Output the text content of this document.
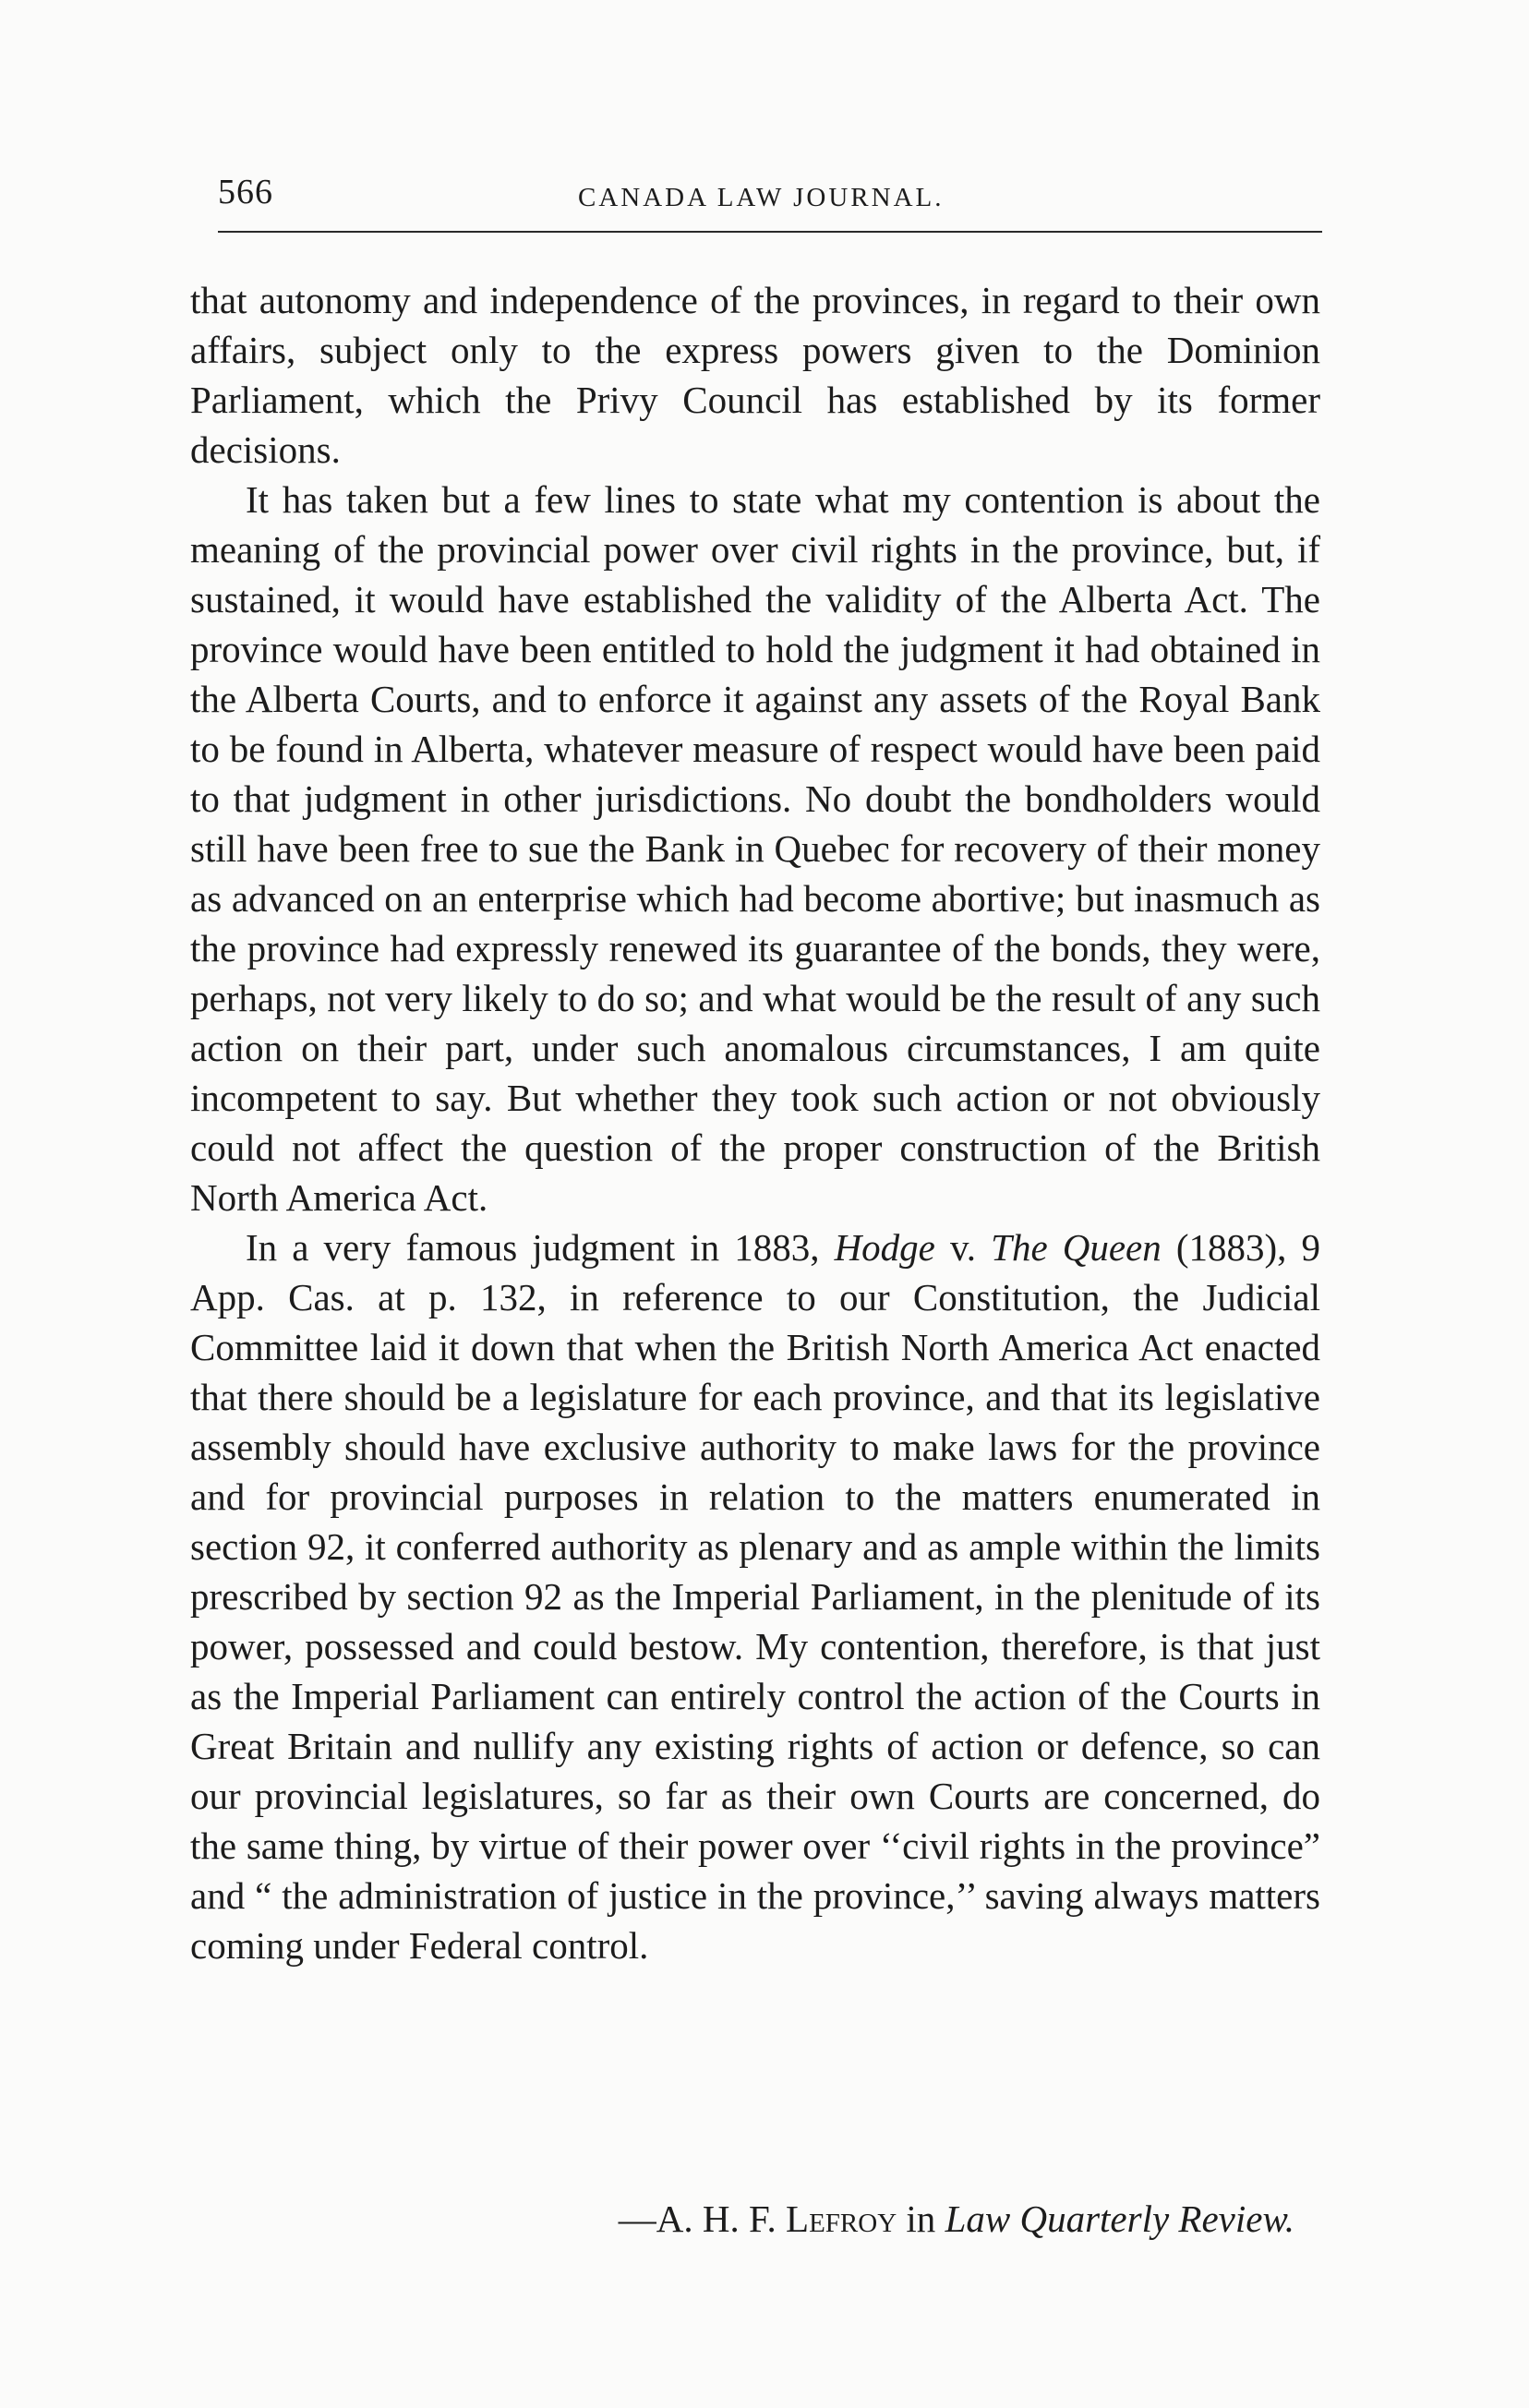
566	CANADA LAW JOURNAL.

that autonomy and independence of the provinces, in regard to their own affairs, subject only to the express powers given to the Dominion Parliament, which the Privy Council has established by its former decisions.

It has taken but a few lines to state what my contention is about the meaning of the provincial power over civil rights in the province, but, if sustained, it would have established the validity of the Alberta Act. The province would have been entitled to hold the judgment it had obtained in the Alberta Courts, and to enforce it against any assets of the Royal Bank to be found in Alberta, whatever measure of respect would have been paid to that judgment in other jurisdictions. No doubt the bondholders would still have been free to sue the Bank in Quebec for recovery of their money as advanced on an enterprise which had become abortive; but inasmuch as the province had expressly renewed its guarantee of the bonds, they were, perhaps, not very likely to do so; and what would be the result of any such action on their part, under such anomalous circumstances, I am quite incompetent to say. But whether they took such action or not obviously could not affect the question of the proper construction of the British North America Act.

In a very famous judgment in 1883, Hodge v. The Queen (1883), 9 App. Cas. at p. 132, in reference to our Constitution, the Judicial Committee laid it down that when the British North America Act enacted that there should be a legislature for each province, and that its legislative assembly should have exclusive authority to make laws for the province and for provincial purposes in relation to the matters enumerated in section 92, it conferred authority as plenary and as ample within the limits prescribed by section 92 as the Imperial Parliament, in the plenitude of its power, possessed and could bestow. My contention, therefore, is that just as the Imperial Parliament can entirely control the action of the Courts in Great Britain and nullify any existing rights of action or defence, so can our provincial legislatures, so far as their own Courts are concerned, do the same thing, by virtue of their power over ‘‘civil rights in the province” and “ the administration of justice in the province,’’ saving always matters coming under Federal control.

—A. H. F. Lefroy in Law Quarterly Review.
